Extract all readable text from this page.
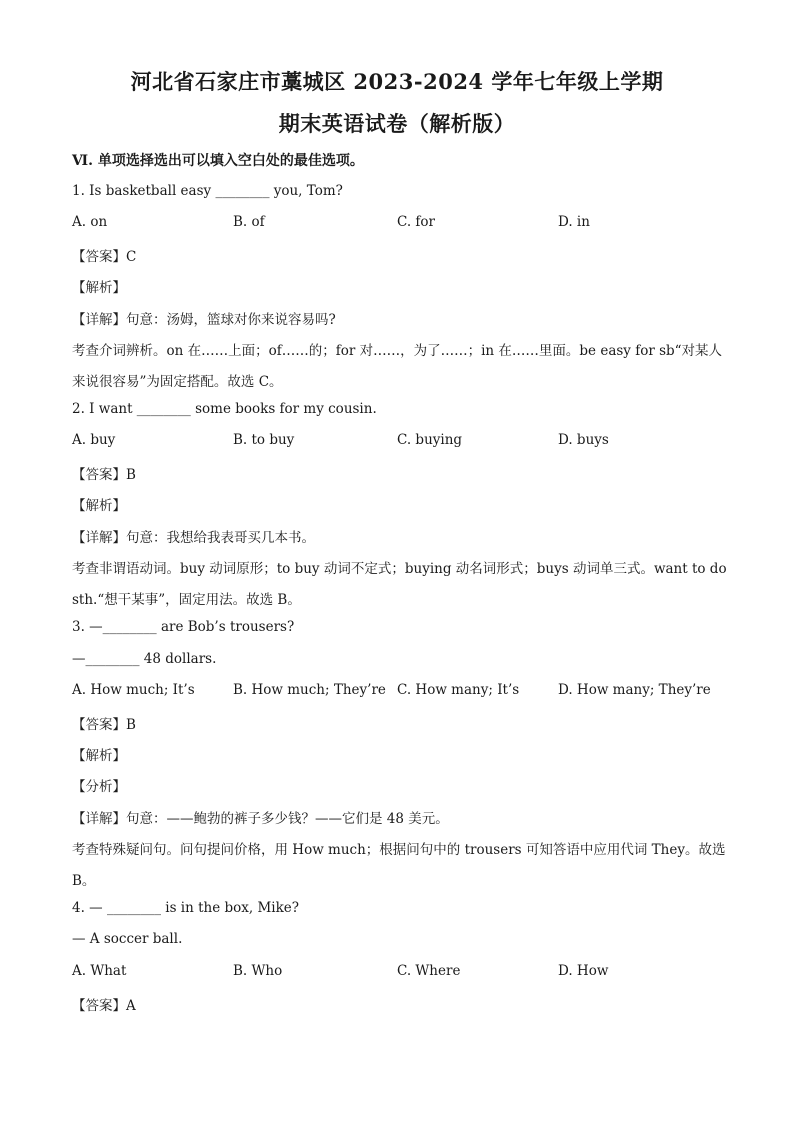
河北省石家庄市藁城区 2023-2024 学年七年级上学期
期末英语试卷（解析版）
Ⅵ. 单项选择选出可以填入空白处的最佳选项。
1. Is basketball easy ________ you, Tom?
A. on	B. of	C. for	D. in
【答案】C
【解析】
【详解】句意：汤姆，篮球对你来说容易吗?
考查介词辨析。on 在……上面；of……的；for 对……，为了……；in 在……里面。be easy for sb“对某人
来说很容易”为固定搭配。故选 C。
2. I want ________ some books for my cousin.
A. buy	B. to buy	C. buying	D. buys
【答案】B
【解析】
【详解】句意：我想给我表哥买几本书。
考查非谓语动词。buy 动词原形；to buy 动词不定式；buying 动名词形式；buys 动词单三式。want to do
sth.“想干某事”，固定用法。故选 B。
3. —________ are Bob’s trousers?
—________ 48 dollars.
A. How much; It’s	B. How much; They’re C. How many; It’s	D. How many; They’re
【答案】B
【解析】
【分析】
【详解】句意：——鲍勃的裤子多少钱？——它们是 48 美元。
考查特殊疑问句。问句提问价格，用 How much；根据问句中的 trousers 可知答语中应用代词 They。故选
B。
4. — ________ is in the box, Mike?
— A soccer ball.
A. What	B. Who	C. Where	D. How
【答案】A
